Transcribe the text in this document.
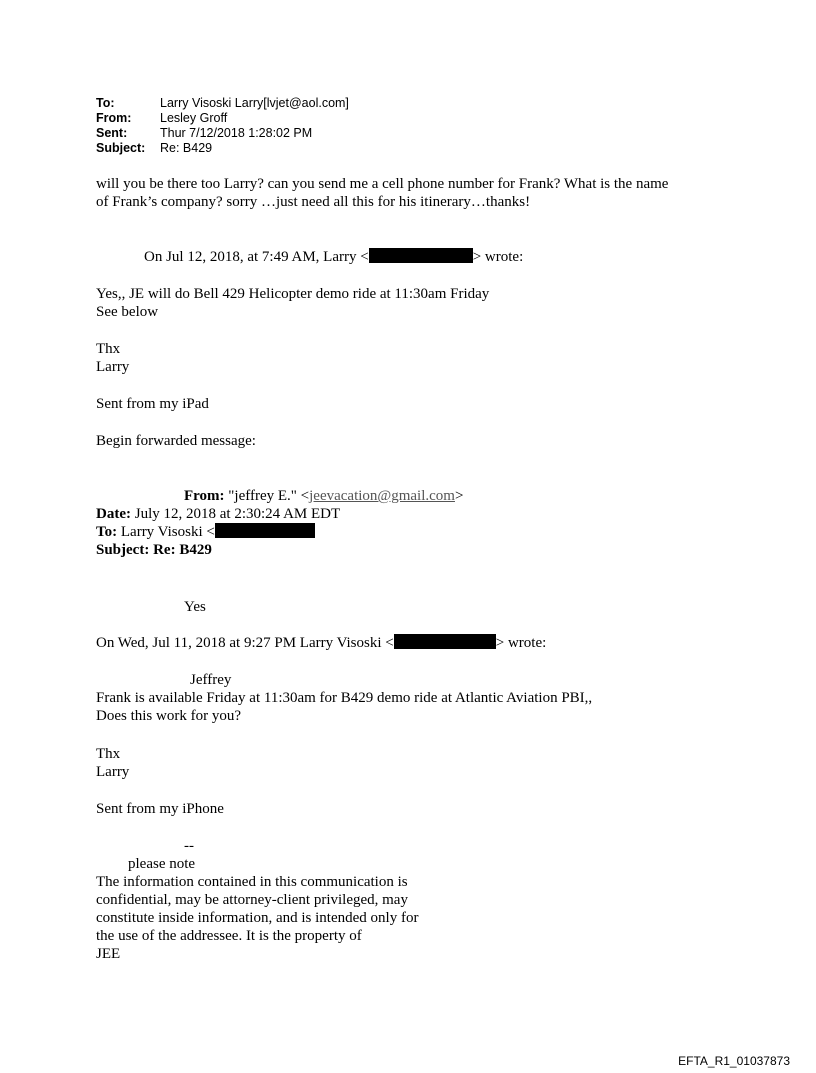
To:	Larry Visoski Larry[lvjet@aol.com]
From:	Lesley Groff
Sent:	Thur 7/12/2018 1:28:02 PM
Subject:	Re: B429
will you be there too Larry? can you send me a cell phone number for Frank? What is the name
of Frank’s company? sorry …just need all this for his itinerary…thanks!
On Jul 12, 2018, at 7:49 AM, Larry <	> wrote:
Yes,, JE will do Bell 429 Helicopter demo ride at 11:30am Friday
See below
Thx
Larry
Sent from my iPad
Begin forwarded message:
From: "jeffrey E." <jeevacation@gmail.com>
Date: July 12, 2018 at 2:30:24 AM EDT
To: Larry Visoski <
Subject: Re: B429
Yes
On Wed, Jul 11, 2018 at 9:27 PM Larry Visoski <	> wrote:
Jeffrey
Frank is available Friday at 11:30am for B429 demo ride at Atlantic Aviation PBI,,
Does this work for you?
Thx
Larry
Sent from my iPhone
--
please note
The information contained in this communication is
confidential, may be attorney-client privileged, may
constitute inside information, and is intended only for
the use of the addressee. It is the property of
JEE
EFTA_R1_01037873
